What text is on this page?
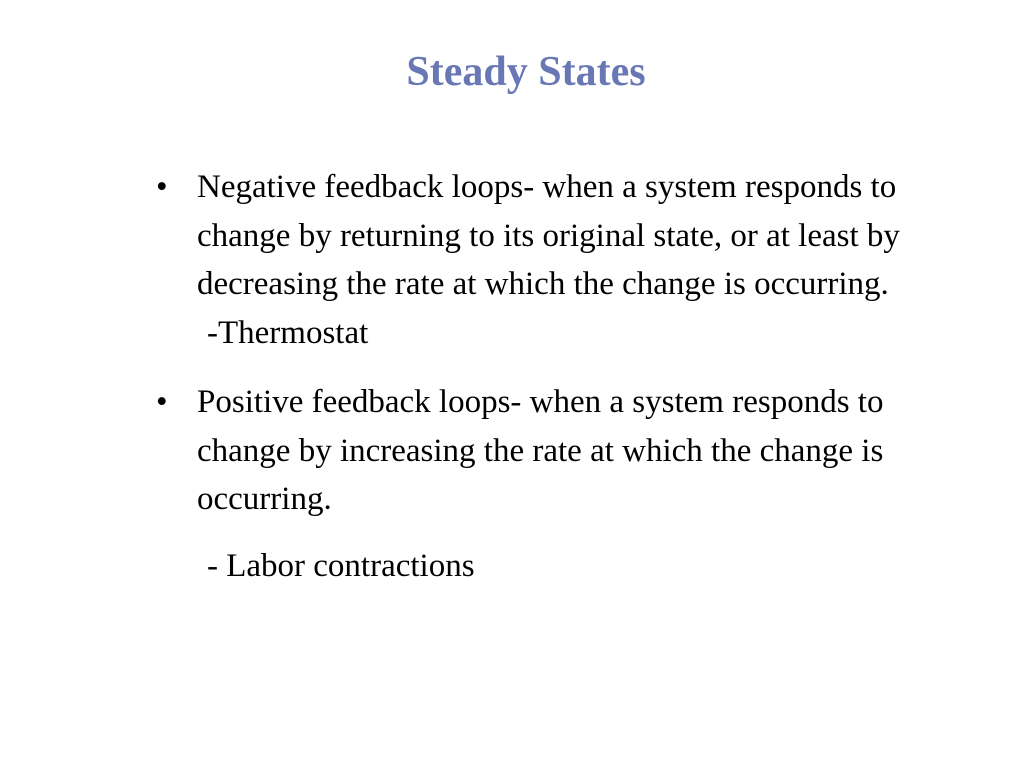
Steady States
• Negative feedback loops- when a system responds to change by returning to its original state, or at least by decreasing the rate at which the change is occurring.
-Thermostat
• Positive feedback loops- when a system responds to change by increasing the rate at which the change is occurring.
- Labor contractions
